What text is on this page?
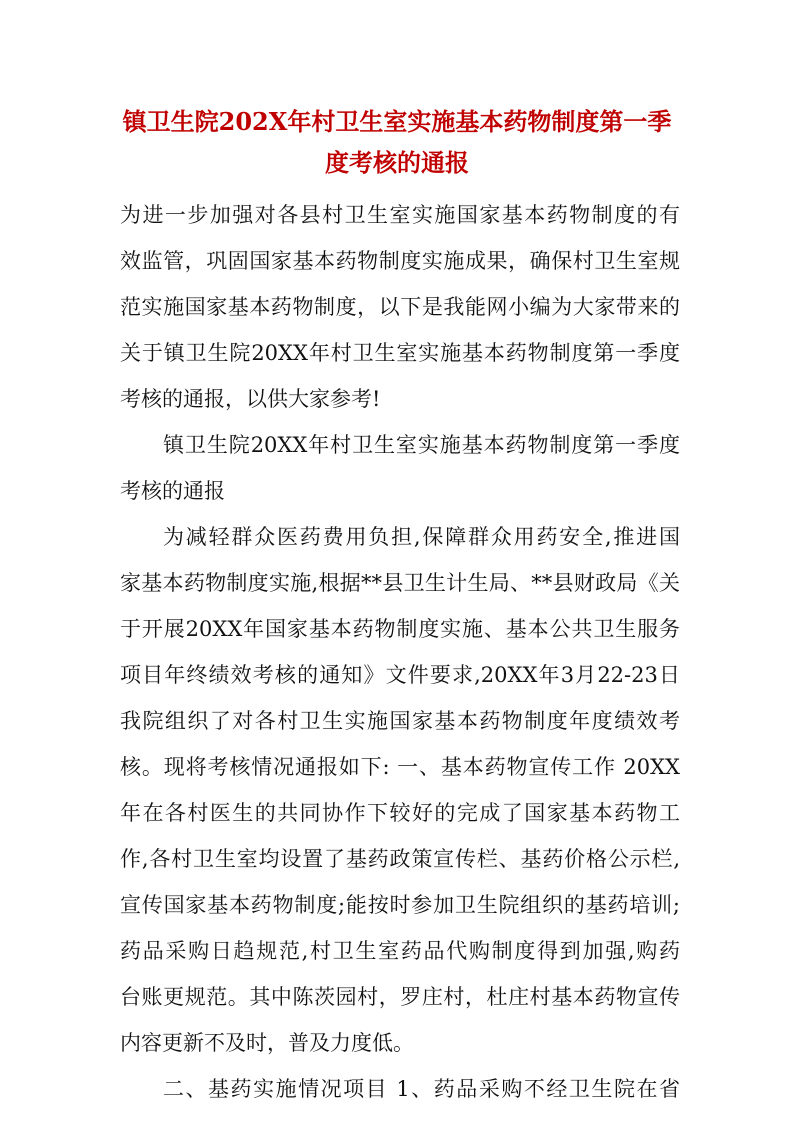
镇卫生院202X年村卫生室实施基本药物制度第一季
度考核的通报
为进一步加强对各县村卫生室实施国家基本药物制度的有
效监管，巩固国家基本药物制度实施成果，确保村卫生室规
范实施国家基本药物制度，以下是我能网小编为大家带来的
关于镇卫生院20XX年村卫生室实施基本药物制度第一季度
考核的通报，以供大家参考!
镇卫生院20XX年村卫生室实施基本药物制度第一季度
考核的通报
为减轻群众医药费用负担,保障群众用药安全,推进国
家基本药物制度实施,根据**县卫生计生局、**县财政局《关
于开展20XX年国家基本药物制度实施、基本公共卫生服务
项目年终绩效考核的通知》文件要求,20XX年3月22-23日
我院组织了对各村卫生实施国家基本药物制度年度绩效考
核。现将考核情况通报如下: 一、基本药物宣传工作 20XX
年在各村医生的共同协作下较好的完成了国家基本药物工
作,各村卫生室均设置了基药政策宣传栏、基药价格公示栏,
宣传国家基本药物制度;能按时参加卫生院组织的基药培训;
药品采购日趋规范,村卫生室药品代购制度得到加强,购药
台账更规范。其中陈茨园村，罗庄村，杜庄村基本药物宣传
内容更新不及时，普及力度低。
二、基药实施情况项目 1、药品采购不经卫生院在省
